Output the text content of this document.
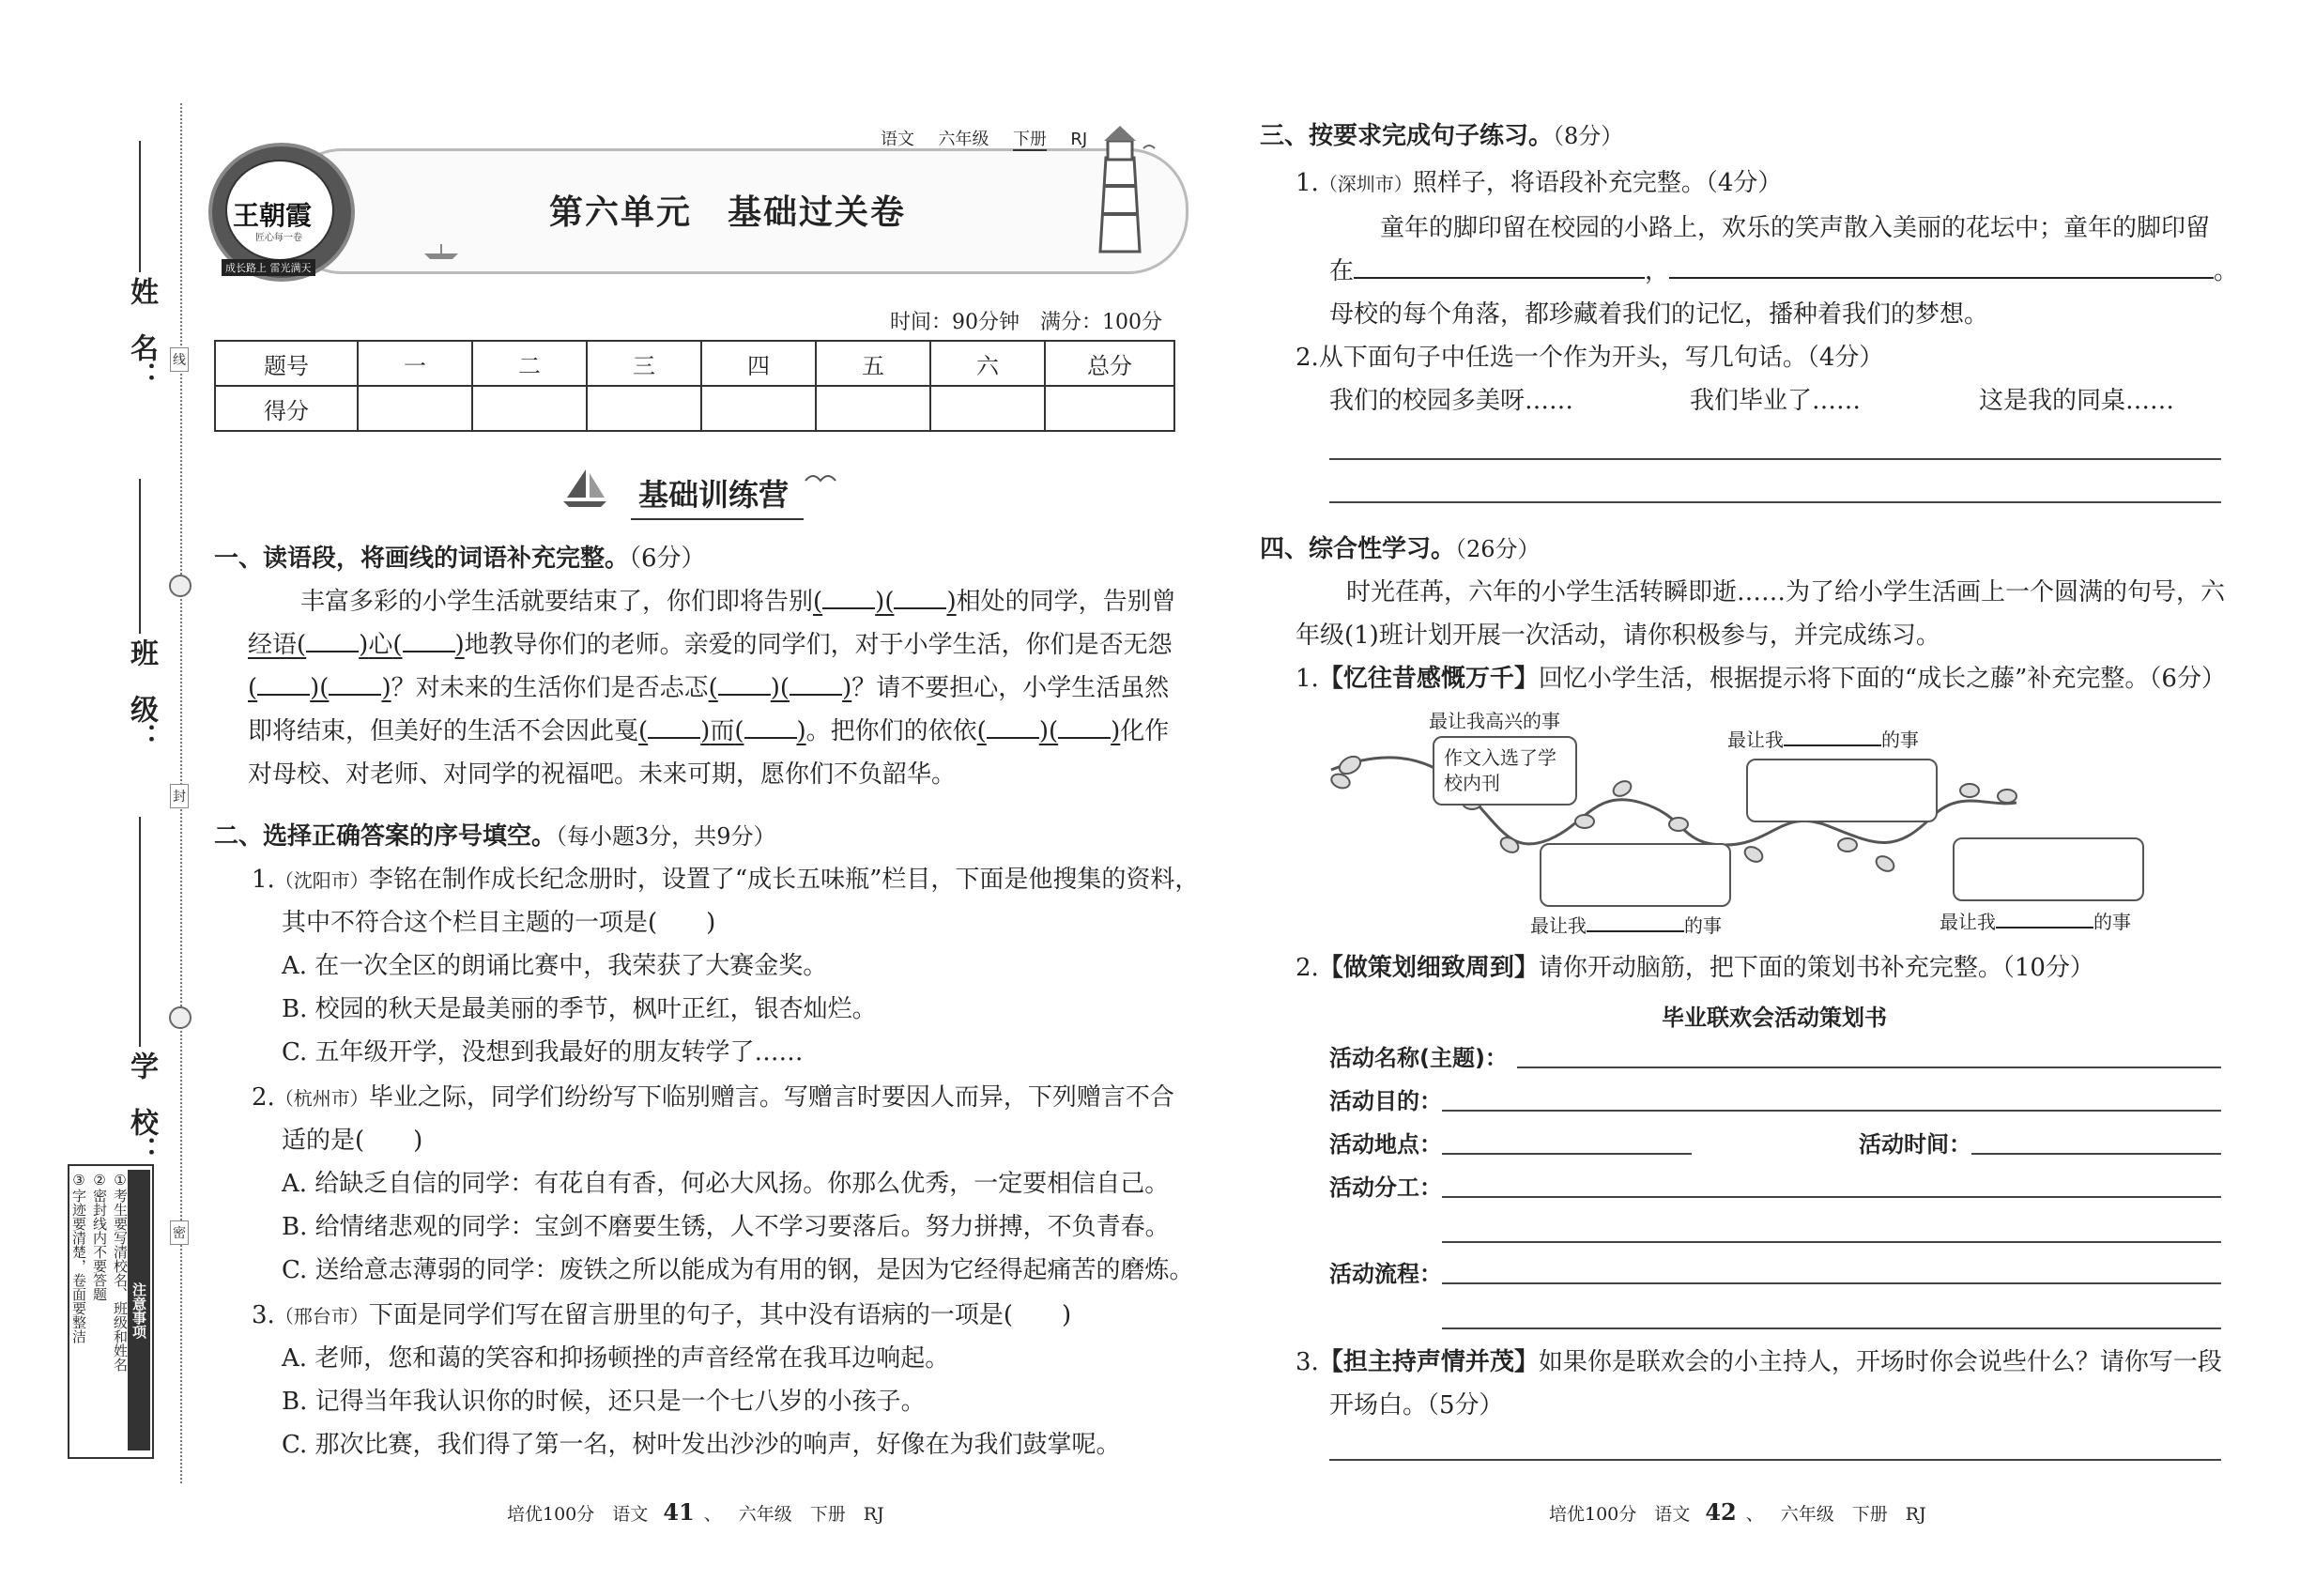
姓　名：
班　级：
学　校：
线
封
密
注意事项
①考生要写清校名、班级和姓名
②密封线内不要答题
③字迹要清楚，卷面要整洁
王朝霞
匠心每一卷
成长路上 雷光满天
语文 六年级 下册 RJ
第六单元　基础过关卷
时间：90分钟　满分：100分
题号	一	二	三	四	五	六	总分
得分							
基础训练营
一、读语段，将画线的词语补充完整。（6分）
丰富多彩的小学生活就要结束了，你们即将告别( )( )相处的同学，告别曾
经语( )心( )地教导你们的老师。亲爱的同学们，对于小学生活，你们是否无怨
( )( )？对未来的生活你们是否忐忑( )( )？请不要担心，小学生活虽然
即将结束，但美好的生活不会因此戛( )而( )。把你们的依依( )( )化作
对母校、对老师、对同学的祝福吧。未来可期，愿你们不负韶华。
二、选择正确答案的序号填空。（每小题3分，共9分）
1.（沈阳市）李铭在制作成长纪念册时，设置了“成长五味瓶”栏目，下面是他搜集的资料，
其中不符合这个栏目主题的一项是(　　)
A. 在一次全区的朗诵比赛中，我荣获了大赛金奖。
B. 校园的秋天是最美丽的季节，枫叶正红，银杏灿烂。
C. 五年级开学，没想到我最好的朋友转学了……
2.（杭州市）毕业之际，同学们纷纷写下临别赠言。写赠言时要因人而异，下列赠言不合
适的是(　　)
A. 给缺乏自信的同学：有花自有香，何必大风扬。你那么优秀，一定要相信自己。
B. 给情绪悲观的同学：宝剑不磨要生锈，人不学习要落后。努力拼搏，不负青春。
C. 送给意志薄弱的同学：废铁之所以能成为有用的钢，是因为它经得起痛苦的磨炼。
3.（邢台市）下面是同学们写在留言册里的句子，其中没有语病的一项是(　　)
A. 老师，您和蔼的笑容和抑扬顿挫的声音经常在我耳边响起。
B. 记得当年我认识你的时候，还只是一个七八岁的小孩子。
C. 那次比赛，我们得了第一名，树叶发出沙沙的响声，好像在为我们鼓掌呢。
培优100分　语文 41 、 六年级　下册　RJ
三、按要求完成句子练习。（8分）
1.（深圳市）照样子，将语段补充完整。（4分）
童年的脚印留在校园的小路上，欢乐的笑声散入美丽的花坛中；童年的脚印留
在	，	。
母校的每个角落，都珍藏着我们的记忆，播种着我们的梦想。
2.从下面句子中任选一个作为开头，写几句话。（4分）
我们的校园多美呀……	我们毕业了……	这是我的同桌……
四、综合性学习。（26分）
时光荏苒，六年的小学生活转瞬即逝……为了给小学生活画上一个圆满的句号，六
年级(1)班计划开展一次活动，请你积极参与，并完成练习。
1.【忆往昔感慨万千】回忆小学生活，根据提示将下面的“成长之藤”补充完整。（6分）
最让我高兴的事
作文入选了学校内刊
最让我	的事
最让我	的事	最让我	的事
2.【做策划细致周到】请你开动脑筋，把下面的策划书补充完整。（10分）
毕业联欢会活动策划书
活动名称(主题)：
活动目的：
活动地点：	活动时间：
活动分工：
活动流程：
3.【担主持声情并茂】如果你是联欢会的小主持人，开场时你会说些什么？请你写一段
开场白。（5分）
培优100分　语文 42 、 六年级　下册　RJ
